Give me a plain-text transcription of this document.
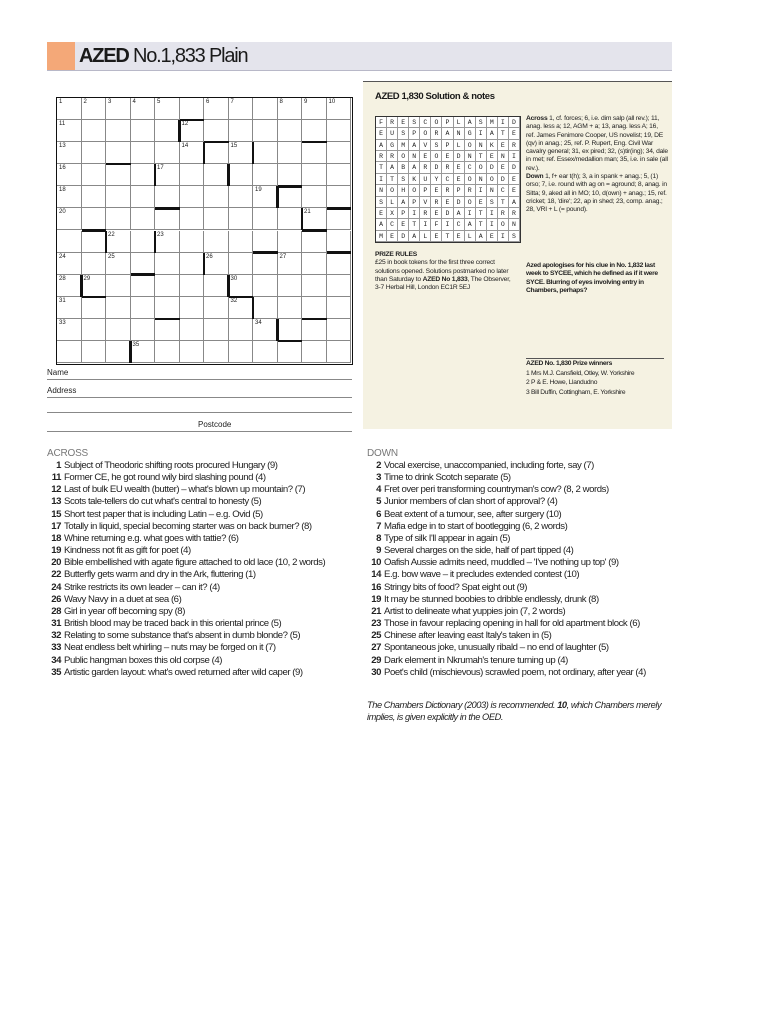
AZED No.1,833 Plain
1	2	3	4	5	6	7	8	9	10
11	12
13	14	15
16	17
18	19
20	21
22	23
24	25	26	27
28	29	30
31	32
33	34
35
Name
Address
Postcode
AZED 1,830 Solution & notes
F	R	E	S	C	O	P	L	A	S	M	I	D
E	U	S	P	O	R	A	N	G	I	A	T	E
A	G	M	A	V	S	P	L	O	N	K	E	R
R	R	O	N	E	O	E	D	N	T	E	N	I
T	A	B	A	R	D	R	E	C	O	D	E	D
I	T	S	K	U	Y	C	E	O	N	O	D	E
N	O	H	O	P	E	R	P	R	I	N	C	E
S	L	A	P	V	R	E	D	O	E	S	T	A
E	X	P	I	R	E	D	A	I	T	I	R	R
A	C	E	T	I	F	I	C	A	T	I	O	N
M	E	D	A	L	E	T	E	L	A	E	I	S
Across 1, cf. forces; 6, i.e. dim salp (all rev.); 11, anag. less a; 12, AGM + a; 13, anag. less A; 16, ref. James Fenimore Cooper, US novelist; 19, DE (qv) in anag.; 25, ref. P. Rupert, Eng. Civil War cavalry general; 31, ex pired; 32, (s)tir(ing); 34, dale in met; ref. Essex/medallion man; 35, i.e. in sale (all rev.).
Down 1, f+ ear t(h); 3, a in spank + anag.; 5, (1) orso; 7, i.e. round with ag on = aground; 8, anag. in Sitta; 9, aked all in MO; 10, d(own) + anag.; 15, ref. cricket; 18, 'dire'; 22, ap in shed; 23, comp. anag.; 28, VRI + L (= pound).
PRIZE RULES
£25 in book tokens for the first three correct solutions opened. Solutions postmarked no later than Saturday to AZED No 1,833, The Observer, 3-7 Herbal Hill, London EC1R 5EJ
Azed apologises for his clue in No. 1,832 last week to SYCEE, which he defined as if it were SYCE. Blurring of eyes involving entry in Chambers, perhaps?
AZED No. 1,830 Prize winners
1 Mrs M.J. Cansfield, Otley, W. Yorkshire
2 P & E. Howe, Llandudno
3 Bill Duffin, Cottingham, E. Yorkshire
ACROSS
1 Subject of Theodoric shifting roots procured Hungary (9)
11 Former CE, he got round wily bird slashing pound (4)
12 Last of bulk EU wealth (butter) – what's blown up mountain? (7)
13 Scots tale-tellers do cut what's central to honesty (5)
15 Short test paper that is including Latin – e.g. Ovid (5)
17 Totally in liquid, special becoming starter was on back burner? (8)
18 Whine returning e.g. what goes with tattie? (6)
19 Kindness not fit as gift for poet (4)
20 Bible embellished with agate figure attached to old lace (10, 2 words)
22 Butterfly gets warm and dry in the Ark, fluttering (1)
24 Strike restricts its own leader – can it? (4)
26 Wavy Navy in a duet at sea (6)
28 Girl in year off becoming spy (8)
31 British blood may be traced back in this oriental prince (5)
32 Relating to some substance that's absent in dumb blonde? (5)
33 Neat endless belt whirling – nuts may be forged on it (7)
34 Public hangman boxes this old corpse (4)
35 Artistic garden layout: what's owed returned after wild caper (9)
DOWN
2 Vocal exercise, unaccompanied, including forte, say (7)
3 Time to drink Scotch separate (5)
4 Fret over peri transforming countryman's cow? (8, 2 words)
5 Junior members of clan short of approval? (4)
6 Beat extent of a tumour, see, after surgery (10)
7 Mafia edge in to start of bootlegging (6, 2 words)
8 Type of silk I'll appear in again (5)
9 Several charges on the side, half of part tipped (4)
10 Oafish Aussie admits need, muddled – 'I've nothing up top' (9)
14 E.g. bow wave – it precludes extended contest (10)
16 Stringy bits of food? Spat eight out (9)
19 It may be stunned boobies to dribble endlessly, drunk (8)
21 Artist to delineate what yuppies join (7, 2 words)
23 Those in favour replacing opening in hall for old apartment block (6)
25 Chinese after leaving east Italy's taken in (5)
27 Spontaneous joke, unusually ribald – no end of laughter (5)
29 Dark element in Nkrumah's tenure turning up (4)
30 Poet's child (mischievous) scrawled poem, not ordinary, after year (4)
The Chambers Dictionary (2003) is recommended. 10, which Chambers merely implies, is given explicitly in the OED.
